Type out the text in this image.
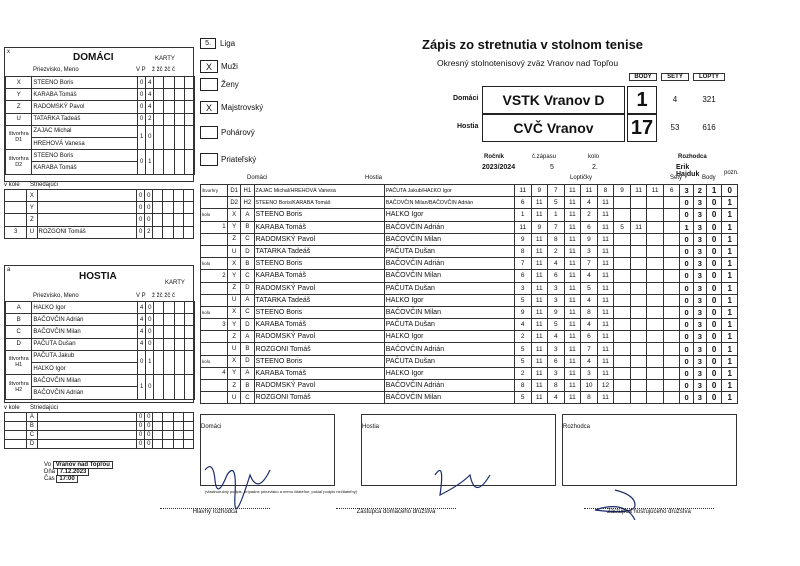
5.	Liga	Zápis zo stretnutia v stolnom tenise
Okresný stolnotenisový zväz Vranov nad Topľou
X	Muži
Ženy
X	Majstrovský
Pohárový
Priateľský
BODY	SETY	LOPTY
Domáci	VSTK Vranov D	1	4	321
Hostia	CVČ Vranov	17	53	616
Ročník	č.zápasu	kolo	Rozhodca
2023/2024	5	2.	Erik Hajduk	pozn.
Loptičky	Sety	Body
Domáci	Hostia
x	DOMÁCI	KARTY
Priezvisko, Meno	V P ž žč žč č
X	STEENO Boris	0	4				
Y	KARABA Tomáš	0	4				
Z	RADOMSKÝ Pavol	0	4				
U	TATARKA Tadeáš	0	2				
štvorhra D1	ZAJAC Michal	1	0				
	HREHOVÁ Vanesa						
štvorhra D2	STEENO Boris	0	1				
	KARABA Tomáš						
v kole Striedajúci
	X		0	0				
	Y		0	0				
	Z		0	0				
3	U	ROZGONI Tomáš	0	2				
a
HOSTIA
KARTY
Priezvisko, Meno	V P ž žč žč č
A	HAĽKO Igor	4	0				
B	BAČOVČIN Adrián	4	0				
C	BAČOVČIN Milan	4	0				
D	PAČUTA Dušan	4	0				
štvorhra H1	PAČUTA Jakub	0	1				
	HAĽKO Igor						
štvorhra H2	BAČOVČIN Milan	1	0				
	BAČOVČIN Adrián						
v kole Striedajúci
	A		0	0				
	B		0	0				
	C		0	0				
	D		0	0				
štvorhry		D1	H1	ZAJAC Michal/HREHOVÁ Vanesa	PAČUTA Jakub/HAĽKO Igor	11	9	7	11	11	8	9	11	11	6	3	2	1	0
		D2	H2	STEENO Boris/KARABA Tomáš	BAČOVČIN Milan/BAČOVČIN Adrián	6	11	5	11	4	11					0	3	0	1
kolo		X	A	STEENO Boris	HAĽKO Igor	1	11	1	11	2	11					0	3	0	1
	1	Y	B	KARABA Tomáš	BAČOVČIN Adrián	11	9	7	11	6	11	5	11			1	3	0	1
		Z	C	RADOMSKÝ Pavol	BAČOVČIN Milan	9	11	8	11	9	11					0	3	0	1
		U	D	TATARKA Tadeáš	PAČUTA Dušan	8	11	2	11	3	11					0	3	0	1
kolo		X	B	STEENO Boris	BAČOVČIN Adrián	7	11	4	11	7	11					0	3	0	1
	2	Y	C	KARABA Tomáš	BAČOVČIN Milan	6	11	6	11	4	11					0	3	0	1
		Z	D	RADOMSKÝ Pavol	PAČUTA Dušan	3	11	3	11	5	11					0	3	0	1
		U	A	TATARKA Tadeáš	HAĽKO Igor	5	11	3	11	4	11					0	3	0	1
kolo		X	C	STEENO Boris	BAČOVČIN Milan	9	11	9	11	8	11					0	3	0	1
	3	Y	D	KARABA Tomáš	PAČUTA Dušan	4	11	5	11	4	11					0	3	0	1
		Z	A	RADOMSKÝ Pavol	HAĽKO Igor	2	11	4	11	6	11					0	3	0	1
		U	B	ROZGONI Tomáš	BAČOVČIN Adrián	5	11	3	11	7	11					0	3	0	1
kolo		X	D	STEENO Boris	PAČUTA Dušan	5	11	6	11	4	11					0	3	0	1
	4	Y	A	KARABA Tomáš	HAĽKO Igor	2	11	3	11	3	11					0	3	0	1
		Z	B	RADOMSKÝ Pavol	BAČOVČIN Adrián	8	11	8	11	10	12					0	3	0	1
		U	C	ROZGONI Tomáš	BAČOVČIN Milan	5	11	4	11	8	11					0	3	0	1
Domáci	Hostia	Rozhodca
Vo Vranov nad Topľou
Dňa 7.12.2023
Čas 17:00
(vlastnoručný podpis, prípadne priezvisko a meno čitateľne, pokiaľ podpis nečitateľný)
Hlavný rozhodca	Zástupca domáceho družstva	Zástupca hosťujúceho družstva
